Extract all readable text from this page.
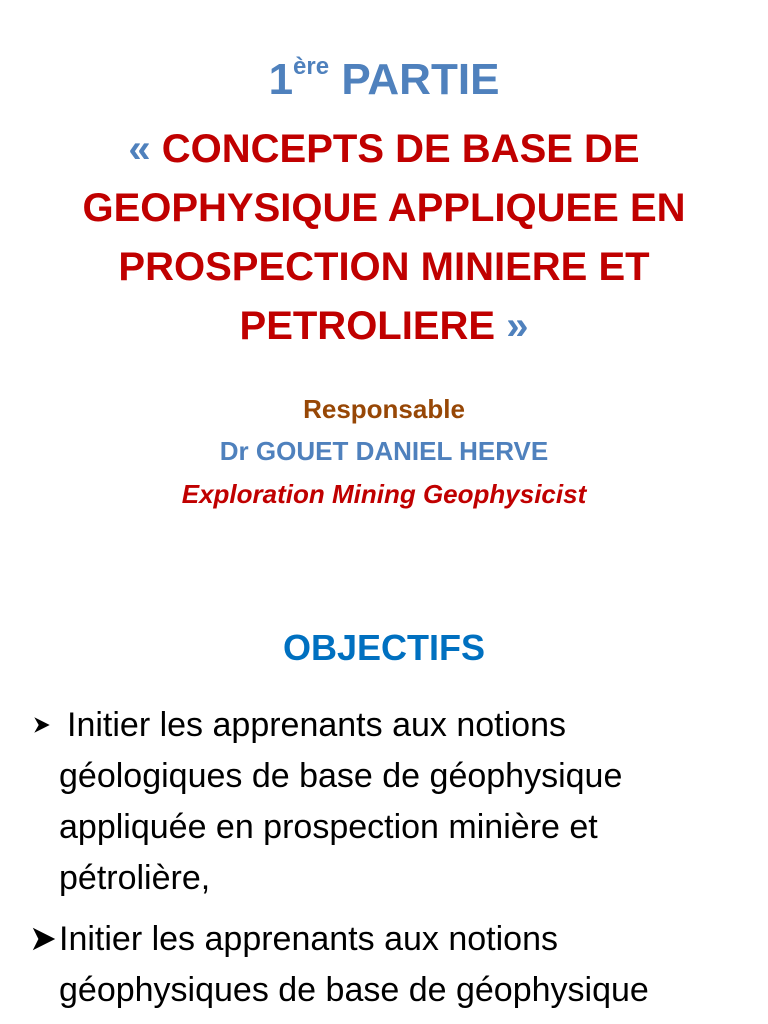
1ère PARTIE
« CONCEPTS DE BASE DE
GEOPHYSIQUE APPLIQUEE EN
PROSPECTION MINIERE ET
PETROLIERE »
Responsable
Dr GOUET DANIEL HERVE
Exploration Mining Geophysicist
OBJECTIFS
Initier les apprenants aux notions
géologiques de base de géophysique
appliquée en prospection minière et
pétrolière,
Initier les apprenants aux notions
géophysiques de base de géophysique
